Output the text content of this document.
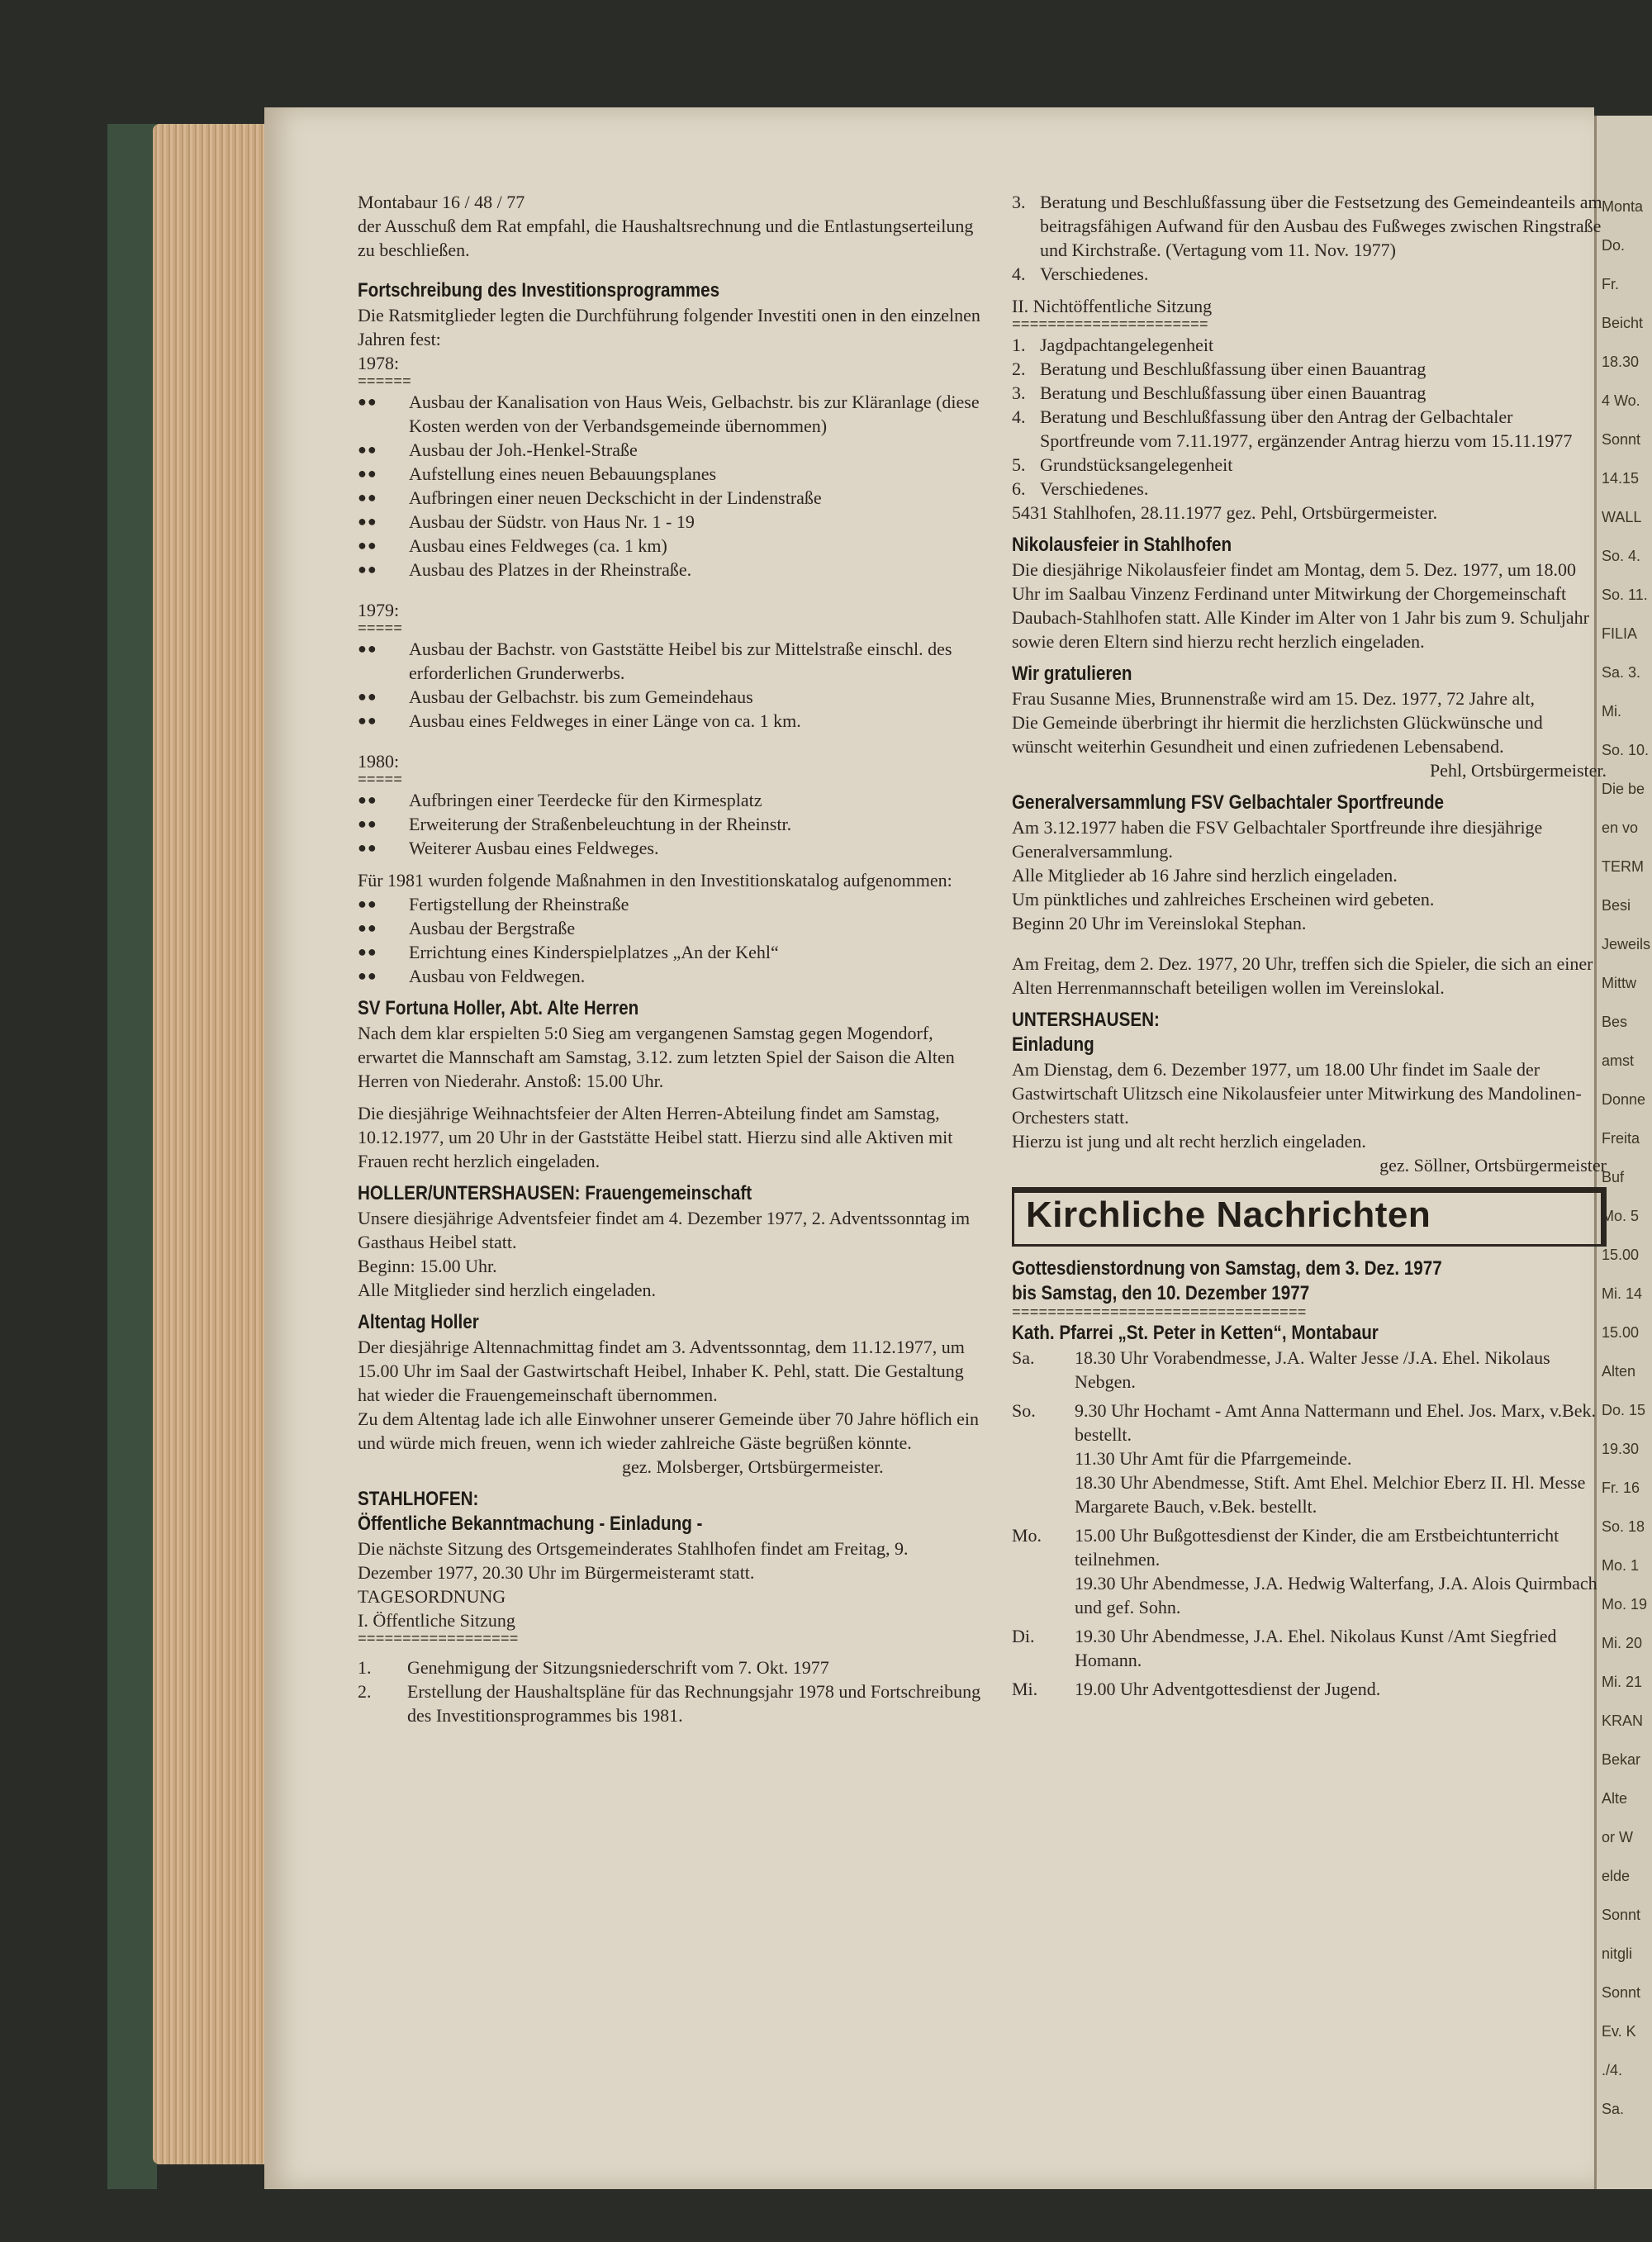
Monta
Do.
Fr.
Beicht
18.30
4 Wo.
Sonnt
14.15
WALL
So. 4.
So. 11.
FILIA
Sa. 3.
Mi.
So. 10.
Die be
en vo
TERM
Besi
Jeweils
Mittw
Bes
amst
Donne
Freita
Buf
Mo. 5
15.00
Mi. 14
15.00
Alten
Do. 15
19.30
Fr. 16
So. 18
Mo. 1
Mo. 19
Mi. 20
Mi. 21
KRAN
Bekar
Alte
or W
elde
Sonnt
nitgli
Sonnt
Ev. K
./4.
Sa.

Montabaur 16 / 48 / 77

der Ausschuß dem Rat empfahl, die Haushaltsrechnung und die Entlastungserteilung zu beschließen.

Fortschreibung des Investitionsprogrammes

Die Ratsmitglieder legten die Durchführung folgender Investiti onen in den einzelnen Jahren fest:

1978:

======
●●	Ausbau der Kanalisation von Haus Weis, Gelbachstr. bis zur Kläranlage (diese Kosten werden von der Verbandsgemeinde übernommen)
●●	Ausbau der Joh.-Henkel-Straße
●●	Aufstellung eines neuen Bebauungsplanes
●●	Aufbringen einer neuen Deckschicht in der Lindenstraße
●●	Ausbau der Südstr. von Haus Nr. 1 - 19
●●	Ausbau eines Feldweges (ca. 1 km)
●●	Ausbau des Platzes in der Rheinstraße.

1979:

=====
●●	Ausbau der Bachstr. von Gaststätte Heibel bis zur Mittelstraße einschl. des erforderlichen Grunderwerbs.
●●	Ausbau der Gelbachstr. bis zum Gemeindehaus
●●	Ausbau eines Feldweges in einer Länge von ca. 1 km.

1980:

=====
●●	Aufbringen einer Teerdecke für den Kirmesplatz
●●	Erweiterung der Straßenbeleuchtung in der Rheinstr.
●●	Weiterer Ausbau eines Feldweges.

Für 1981 wurden folgende Maßnahmen in den Investitionskatalog aufgenommen:

●●	Fertigstellung der Rheinstraße
●●	Ausbau der Bergstraße
●●	Errichtung eines Kinderspielplatzes „An der Kehl“
●●	Ausbau von Feldwegen.
SV Fortuna Holler, Abt. Alte Herren

Nach dem klar erspielten 5:0 Sieg am vergangenen Samstag gegen Mogendorf, erwartet die Mannschaft am Samstag, 3.12. zum letzten Spiel der Saison die Alten Herren von Niederahr. Anstoß: 15.00 Uhr.

Die diesjährige Weihnachtsfeier der Alten Herren-Abteilung findet am Samstag, 10.12.1977, um 20 Uhr in der Gaststätte Heibel statt. Hierzu sind alle Aktiven mit Frauen recht herzlich eingeladen.

HOLLER/UNTERSHAUSEN: Frauengemeinschaft

Unsere diesjährige Adventsfeier findet am 4. Dezember 1977, 2. Adventssonntag im Gasthaus Heibel statt.

Beginn: 15.00 Uhr.

Alle Mitglieder sind herzlich eingeladen.

Altentag Holler

Der diesjährige Altennachmittag findet am 3. Adventssonntag, dem 11.12.1977, um 15.00 Uhr im Saal der Gastwirtschaft Heibel, Inhaber K. Pehl, statt. Die Gestaltung hat wieder die Frauengemeinschaft übernommen.

Zu dem Altentag lade ich alle Einwohner unserer Gemeinde über 70 Jahre höflich ein und würde mich freuen, wenn ich wieder zahlreiche Gäste begrüßen könnte.

gez. Molsberger, Ortsbürgermeister.

STAHLHOFEN:
Öffentliche Bekanntmachung - Einladung -

Die nächste Sitzung des Ortsgemeinderates Stahlhofen findet am Freitag, 9. Dezember 1977, 20.30 Uhr im Bürgermeisteramt statt.

TAGESORDNUNG

I. Öffentliche Sitzung

==================
1.	Genehmigung der Sitzungsniederschrift vom 7. Okt. 1977
2.	Erstellung der Haushaltspläne für das Rechnungsjahr 1978 und Fortschreibung des Investitionsprogrammes bis 1981.
3. Beratung und Beschlußfassung über die Festsetzung des Gemeindeanteils am beitragsfähigen Aufwand für den Ausbau des Fußweges zwischen Ringstraße und Kirchstraße. (Vertagung vom 11. Nov. 1977)
4. Verschiedenes.

II. Nichtöffentliche Sitzung

======================
1. Jagdpachtangelegenheit
2. Beratung und Beschlußfassung über einen Bauantrag
3. Beratung und Beschlußfassung über einen Bauantrag
4. Beratung und Beschlußfassung über den Antrag der Gelbachtaler Sportfreunde vom 7.11.1977, ergänzender Antrag hierzu vom 15.11.1977
5. Grundstücksangelegenheit
6. Verschiedenes.

5431 Stahlhofen, 28.11.1977 gez. Pehl, Ortsbürgermeister.

Nikolausfeier in Stahlhofen

Die diesjährige Nikolausfeier findet am Montag, dem 5. Dez. 1977, um 18.00 Uhr im Saalbau Vinzenz Ferdinand unter Mitwirkung der Chorgemeinschaft Daubach-Stahlhofen statt. Alle Kinder im Alter von 1 Jahr bis zum 9. Schuljahr sowie deren Eltern sind hierzu recht herzlich eingeladen.

Wir gratulieren

Frau Susanne Mies, Brunnenstraße wird am 15. Dez. 1977, 72 Jahre alt,

Die Gemeinde überbringt ihr hiermit die herzlichsten Glückwünsche und wünscht weiterhin Gesundheit und einen zufriedenen Lebensabend.

Pehl, Ortsbürgermeister.

Generalversammlung FSV Gelbachtaler Sportfreunde

Am 3.12.1977 haben die FSV Gelbachtaler Sportfreunde ihre diesjährige Generalversammlung.

Alle Mitglieder ab 16 Jahre sind herzlich eingeladen.

Um pünktliches und zahlreiches Erscheinen wird gebeten.

Beginn 20 Uhr im Vereinslokal Stephan.

Am Freitag, dem 2. Dez. 1977, 20 Uhr, treffen sich die Spieler, die sich an einer Alten Herrenmannschaft beteiligen wollen im Vereinslokal.

UNTERSHAUSEN:
Einladung

Am Dienstag, dem 6. Dezember 1977, um 18.00 Uhr findet im Saale der Gastwirtschaft Ulitzsch eine Nikolausfeier unter Mitwirkung des Mandolinen-Orchesters statt.

Hierzu ist jung und alt recht herzlich eingeladen.

gez. Söllner, Ortsbürgermeister

Kirchliche Nachrichten
Gottesdienstordnung von Samstag, dem 3. Dez. 1977
bis Samstag, den 10. Dezember 1977
=================================
Kath. Pfarrei „St. Peter in Ketten“, Montabaur
Sa.	18.30 Uhr Vorabendmesse, J.A. Walter Jesse /J.A. Ehel. Nikolaus Nebgen.
So.	9.30 Uhr Hochamt - Amt Anna Nattermann und Ehel. Jos. Marx, v.Bek. bestellt.
11.30 Uhr Amt für die Pfarrgemeinde.
18.30 Uhr Abendmesse, Stift. Amt Ehel. Melchior Eberz II. Hl. Messe Margarete Bauch, v.Bek. bestellt.
Mo.	15.00 Uhr Bußgottesdienst der Kinder, die am Erstbeichtunterricht teilnehmen.
19.30 Uhr Abendmesse, J.A. Hedwig Walterfang, J.A. Alois Quirmbach und gef. Sohn.
Di.	19.30 Uhr Abendmesse, J.A. Ehel. Nikolaus Kunst /Amt Siegfried Homann.
Mi.	19.00 Uhr Adventgottesdienst der Jugend.
